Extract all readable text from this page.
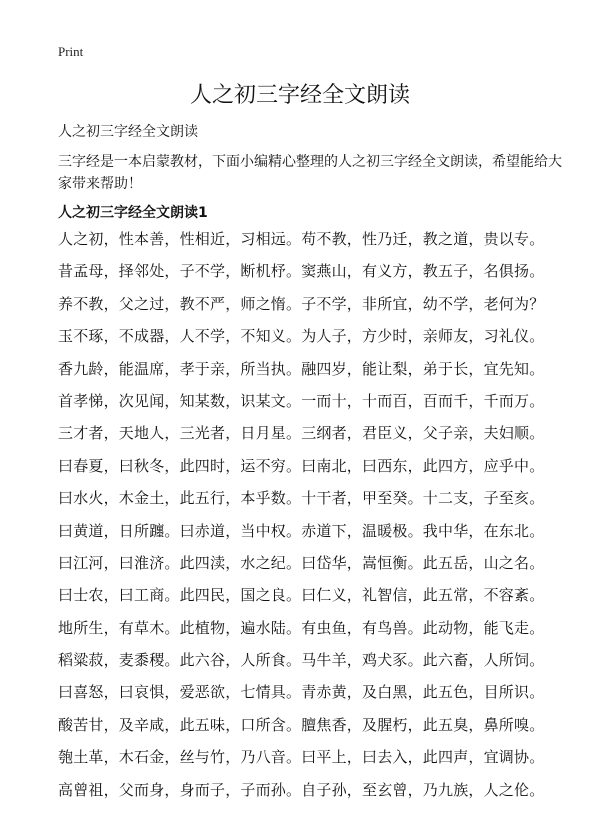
Print
人之初三字经全文朗读
人之初三字经全文朗读

三字经是一本启蒙教材，下面小编精心整理的人之初三字经全文朗读，希望能给大家带来帮助！

人之初三字经全文朗读1
人之初，性本善，性相近，习相远。苟不教，性乃迁，教之道，贵以专。
昔孟母，择邻处，子不学，断机杼。窦燕山，有义方，教五子，名俱扬。
养不教，父之过，教不严，师之惰。子不学，非所宜，幼不学，老何为？
玉不琢，不成器，人不学，不知义。为人子，方少时，亲师友，习礼仪。
香九龄，能温席，孝于亲，所当执。融四岁，能让梨，弟于长，宜先知。
首孝悌，次见闻，知某数，识某文。一而十，十而百，百而千，千而万。
三才者，天地人，三光者，日月星。三纲者，君臣义，父子亲，夫妇顺。
曰春夏，曰秋冬，此四时，运不穷。曰南北，曰西东，此四方，应乎中。
曰水火，木金土，此五行，本乎数。十干者，甲至癸。十二支，子至亥。
曰黄道，日所躔。曰赤道，当中权。赤道下，温暖极。我中华，在东北。
曰江河，曰淮济。此四渎，水之纪。曰岱华，嵩恒衡。此五岳，山之名。
曰士农，曰工商。此四民，国之良。曰仁义，礼智信，此五常，不容紊。
地所生，有草木。此植物，遍水陆。有虫鱼，有鸟兽。此动物，能飞走。
稻粱菽，麦黍稷。此六谷，人所食。马牛羊，鸡犬豕。此六畜，人所饲。
曰喜怒，曰哀惧，爱恶欲，七情具。青赤黄，及白黑，此五色，目所识。
酸苦甘，及辛咸，此五味，口所含。膻焦香，及腥朽，此五臭，鼻所嗅。
匏土革，木石金，丝与竹，乃八音。曰平上，曰去入，此四声，宜调协。
高曾祖，父而身，身而子，子而孙。自子孙，至玄曾，乃九族，人之伦。
